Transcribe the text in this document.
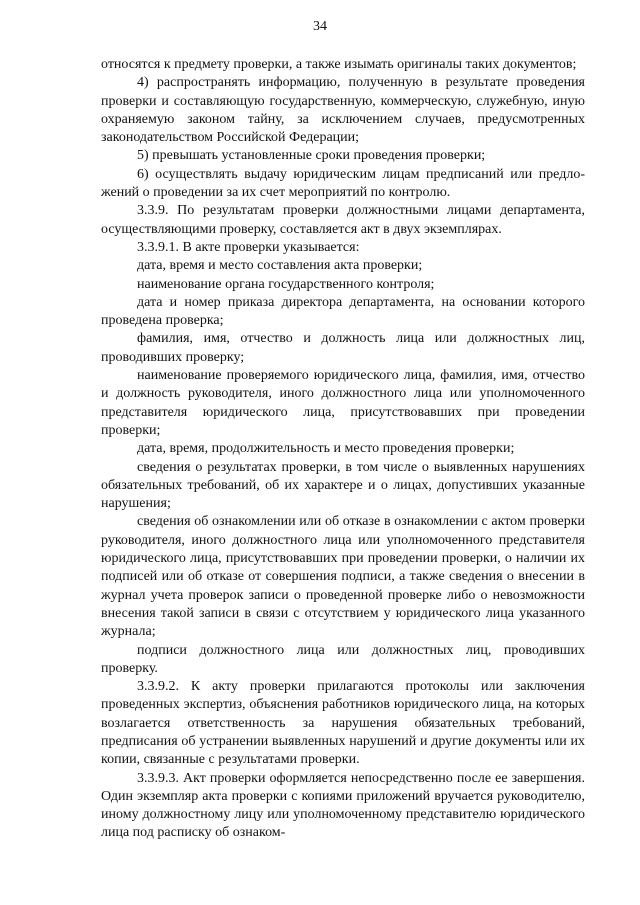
34

относятся к предмету проверки, а также изымать оригиналы таких документов;

4) распространять информацию, полученную в результате проведения проверки и составляющую государственную, коммерческую, служебную, иную охраняемую законом тайну, за исключением случаев, предусмотренных законодательством Российской Федерации;

5) превышать установленные сроки проведения проверки;

6) осуществлять выдачу юридическим лицам предписаний или предложений о проведении за их счет мероприятий по контролю.

3.3.9. По результатам проверки должностными лицами департамента, осуществляющими проверку, составляется акт в двух экземплярах.

3.3.9.1. В акте проверки указывается:

дата, время и место составления акта проверки;

наименование органа государственного контроля;

дата и номер приказа директора департамента, на основании которого проведена проверка;

фамилия, имя, отчество и должность лица или должностных лиц, проводивших проверку;

наименование проверяемого юридического лица, фамилия, имя, отчество и должность руководителя, иного должностного лица или уполномоченного представителя юридического лица, присутствовавших при проведении проверки;

дата, время, продолжительность и место проведения проверки;

сведения о результатах проверки, в том числе о выявленных нарушениях обязательных требований, об их характере и о лицах, допустивших указанные нарушения;

сведения об ознакомлении или об отказе в ознакомлении с актом проверки руководителя, иного должностного лица или уполномоченного представителя юридического лица, присутствовавших при проведении проверки, о наличии их подписей или об отказе от совершения подписи, а также сведения о внесении в журнал учета проверок записи о проведенной проверке либо о невозможности внесения такой записи в связи с отсутствием у юридического лица указанного журнала;

подписи должностного лица или должностных лиц, проводивших проверку.

3.3.9.2. К акту проверки прилагаются протоколы или заключения проведенных экспертиз, объяснения работников юридического лица, на которых возлагается ответственность за нарушения обязательных требований, предписания об устранении выявленных нарушений и другие документы или их копии, связанные с результатами проверки.

3.3.9.3. Акт проверки оформляется непосредственно после ее завершения. Один экземпляр акта проверки с копиями приложений вручается руководителю, иному должностному лицу или уполномоченному представителю юридического лица под расписку об ознаком-
